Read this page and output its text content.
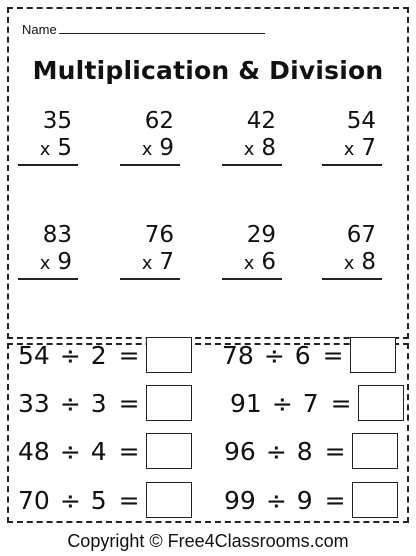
Name
Multiplication & Division
35
x 5
62
x 9
42
x 8
54
x 7
83
x 9
76
x 7
29
x 6
67
x 8
54 ÷ 2 =	78 ÷ 6 =
33 ÷ 3 =	91 ÷ 7 =
48 ÷ 4 =	96 ÷ 8 =
70 ÷ 5 =	99 ÷ 9 =
Copyright © Free4Classrooms.com
